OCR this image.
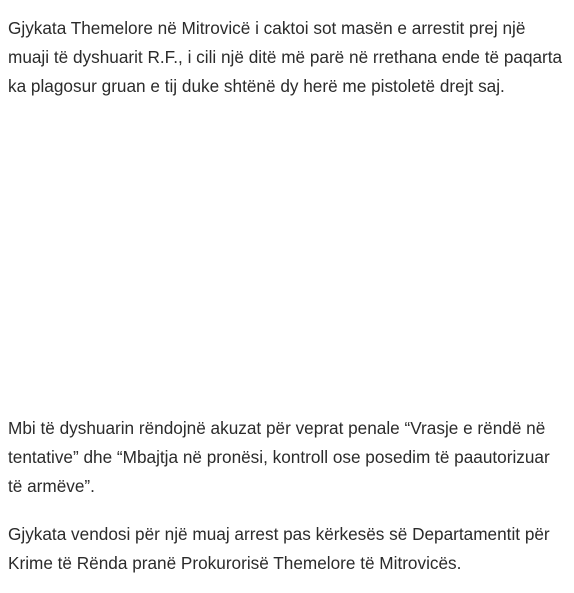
Gjykata Themelore në Mitrovicë i caktoi sot masën e arrestit prej një muaji të dyshuarit R.F., i cili një ditë më parë në rrethana ende të paqarta ka plagosur gruan e tij duke shtënë dy herë me pistoletë drejt saj.

Mbi të dyshuarin rëndojnë akuzat për veprat penale “Vrasje e rëndë në tentative” dhe “Mbajtja në pronësi, kontroll ose posedim të paautorizuar të armëve”.

Gjykata vendosi për një muaj arrest pas kërkesës së Departamentit për Krime të Rënda pranë Prokurorisë Themelore të Mitrovicës.
